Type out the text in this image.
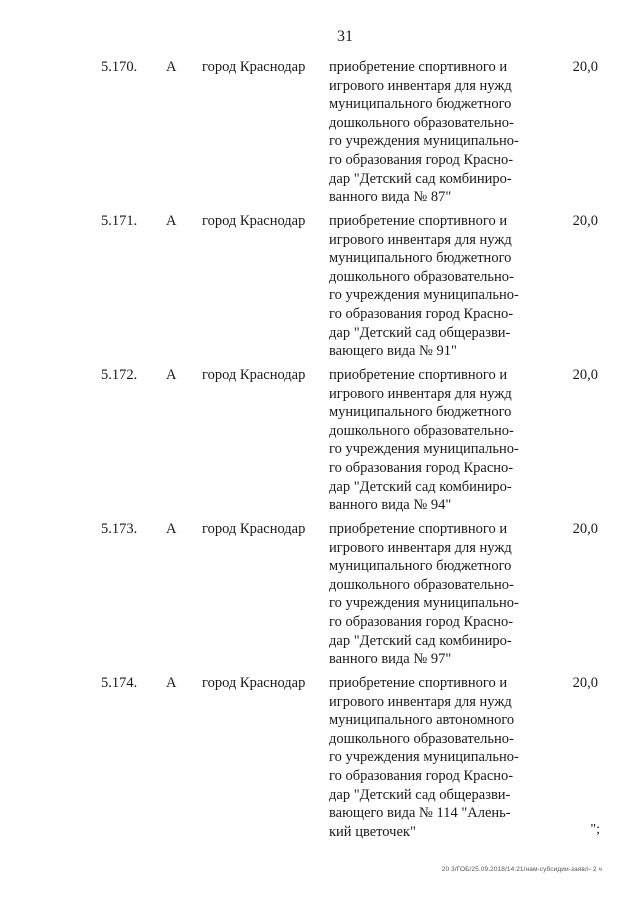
31
5.170. А город Краснодар приобретение спортивного и
игрового инвентаря для нужд
муниципального бюджетного
дошкольного образовательно-
го учреждения муниципально-
го образования город Красно-
дар "Детский сад комбиниро-
ванного вида № 87"
20,0
5.171. А город Краснодар приобретение спортивного и
игрового инвентаря для нужд
муниципального бюджетного
дошкольного образовательно-
го учреждения муниципально-
го образования город Красно-
дар "Детский сад общеразви-
вающего вида № 91"
20,0
5.172. А город Краснодар приобретение спортивного и
игрового инвентаря для нужд
муниципального бюджетного
дошкольного образовательно-
го учреждения муниципально-
го образования город Красно-
дар "Детский сад комбиниро-
ванного вида № 94"
20,0
5.173. А город Краснодар приобретение спортивного и
игрового инвентаря для нужд
муниципального бюджетного
дошкольного образовательно-
го учреждения муниципально-
го образования город Красно-
дар "Детский сад комбиниро-
ванного вида № 97"
20,0
5.174. А город Краснодар приобретение спортивного и
игрового инвентаря для нужд
муниципального автономного
дошкольного образовательно-
го учреждения муниципально-
го образования город Красно-
дар "Детский сад общеразви-
вающего вида № 114 "Алень-
кий цветочек"
20,0
";
20 3/ГОБ/25.09.2018/14:21/нам-субсидии-заявл- 2 ч
